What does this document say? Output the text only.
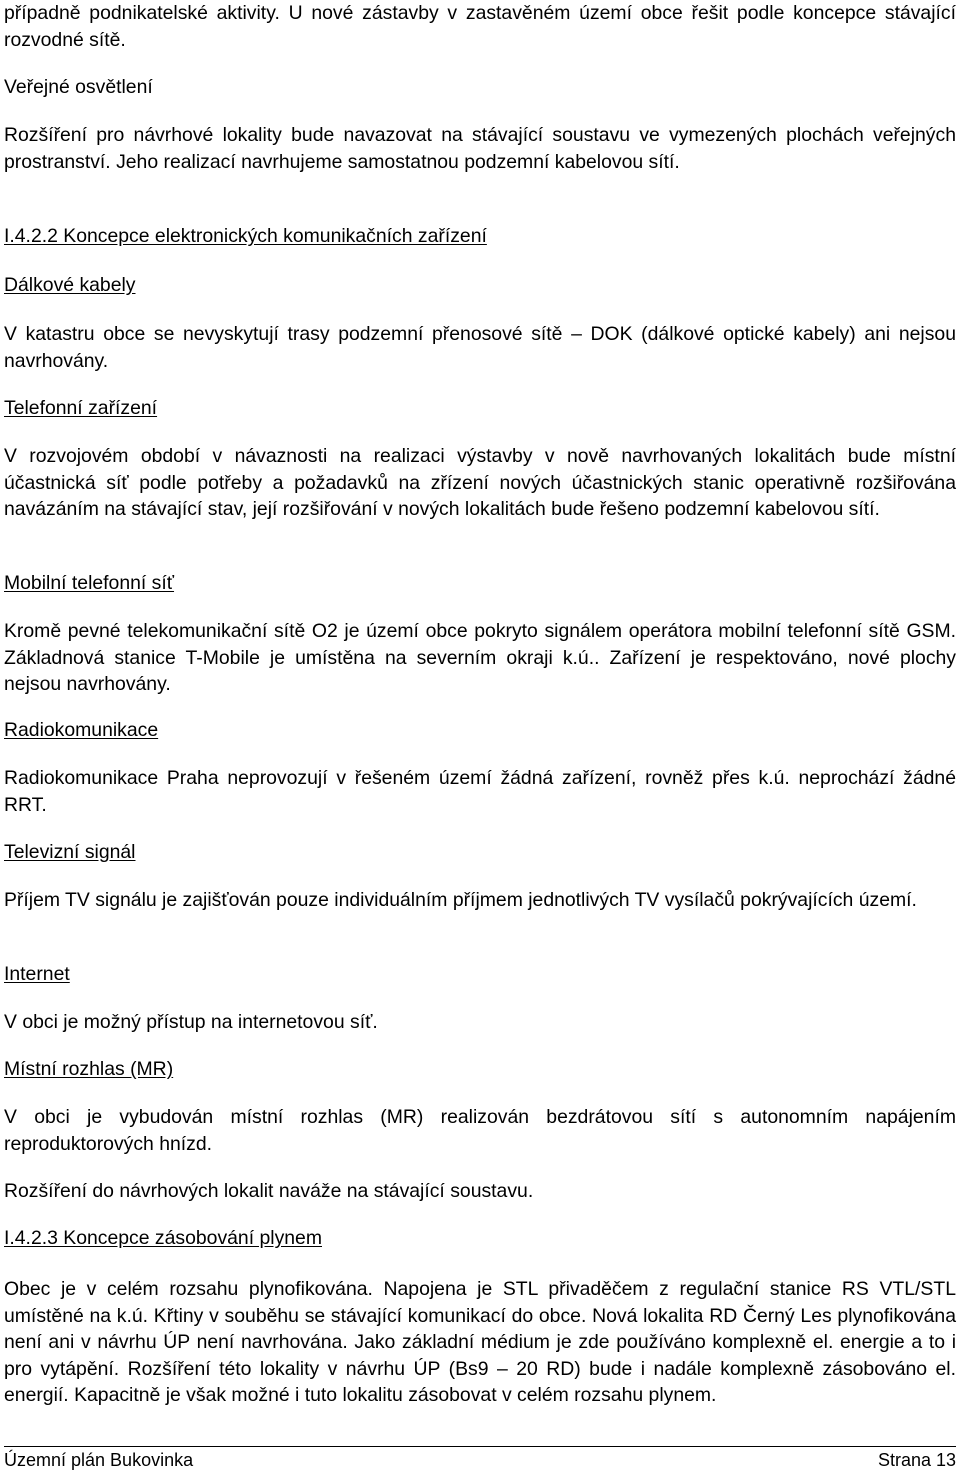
případně podnikatelské aktivity. U nové zástavby v zastavěném území obce řešit podle koncepce stávající rozvodné sítě.

Veřejné osvětlení

Rozšíření pro návrhové lokality bude navazovat na stávající soustavu ve vymezených plochách veřejných prostranství. Jeho realizací navrhujeme samostatnou podzemní kabelovou sítí.

I.4.2.2 Koncepce elektronických komunikačních zařízení

Dálkové kabely

V katastru obce se nevyskytují trasy podzemní přenosové sítě – DOK (dálkové optické kabely) ani nejsou navrhovány.

Telefonní zařízení

V rozvojovém období v návaznosti na realizaci výstavby v nově navrhovaných lokalitách bude místní účastnická síť podle potřeby a požadavků na zřízení nových účastnických stanic operativně rozšiřována navázáním na stávající stav, její rozšiřování v nových lokalitách bude řešeno podzemní kabelovou sítí.

Mobilní telefonní síť

Kromě pevné telekomunikační sítě O2 je území obce pokryto signálem operátora mobilní telefonní sítě GSM. Základnová stanice T-Mobile je umístěna na severním okraji k.ú.. Zařízení je respektováno, nové plochy nejsou navrhovány.

Radiokomunikace

Radiokomunikace Praha neprovozují v řešeném území žádná zařízení, rovněž přes k.ú. neprochází žádné RRT.

Televizní signál

Příjem TV signálu je zajišťován pouze individuálním příjmem jednotlivých TV vysílačů pokrývajících území.

Internet

V obci je možný přístup na internetovou síť.

Místní rozhlas (MR)

V obci je vybudován místní rozhlas (MR) realizován bezdrátovou sítí s autonomním napájením reproduktorových hnízd.

Rozšíření do návrhových lokalit naváže na stávající soustavu.

I.4.2.3 Koncepce zásobování plynem

Obec je v celém rozsahu plynofikována. Napojena je STL přivaděčem z regulační stanice RS VTL/STL umístěné na k.ú. Křtiny v souběhu se stávající komunikací do obce. Nová lokalita RD Černý Les plynofikována není ani v návrhu ÚP není navrhována. Jako základní médium je zde používáno komplexně el. energie a to i pro vytápění. Rozšíření této lokality v návrhu ÚP (Bs9 – 20 RD) bude i nadále komplexně zásobováno el. energií. Kapacitně je však možné i tuto lokalitu zásobovat v celém rozsahu plynem.

Územní plán Bukovinka	Strana 13
